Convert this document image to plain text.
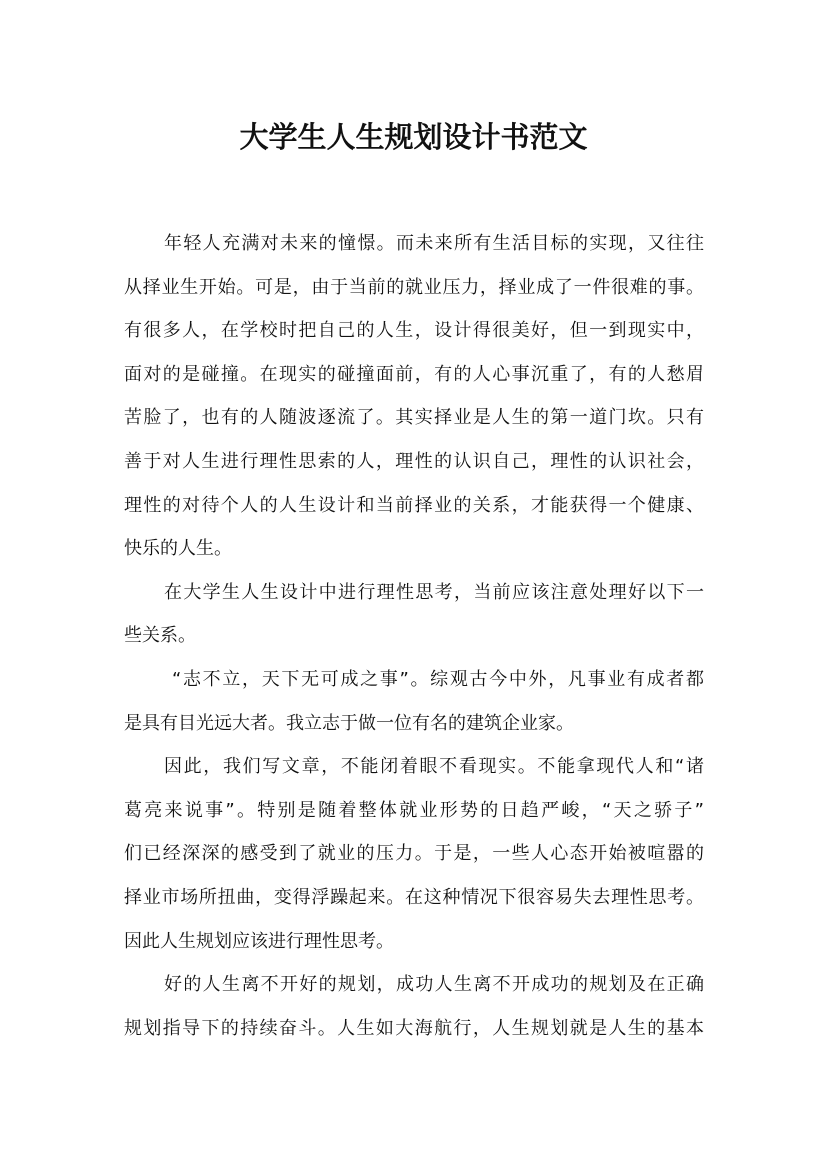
大学生人生规划设计书范文
年轻人充满对未来的憧憬。而未来所有生活目标的实现，又往往
从择业生开始。可是，由于当前的就业压力，择业成了一件很难的事。
有很多人，在学校时把自己的人生，设计得很美好，但一到现实中，
面对的是碰撞。在现实的碰撞面前，有的人心事沉重了，有的人愁眉
苦脸了，也有的人随波逐流了。其实择业是人生的第一道门坎。只有
善于对人生进行理性思索的人，理性的认识自己，理性的认识社会，
理性的对待个人的人生设计和当前择业的关系，才能获得一个健康、
快乐的人生。
在大学生人生设计中进行理性思考，当前应该注意处理好以下一
些关系。
“志不立，天下无可成之事”。综观古今中外，凡事业有成者都
是具有目光远大者。我立志于做一位有名的建筑企业家。
因此，我们写文章，不能闭着眼不看现实。不能拿现代人和“诸
葛亮来说事”。特别是随着整体就业形势的日趋严峻，“天之骄子”
们已经深深的感受到了就业的压力。于是，一些人心态开始被喧嚣的
择业市场所扭曲，变得浮躁起来。在这种情况下很容易失去理性思考。
因此人生规划应该进行理性思考。
好的人生离不开好的规划，成功人生离不开成功的规划及在正确
规划指导下的持续奋斗。人生如大海航行，人生规划就是人生的基本
